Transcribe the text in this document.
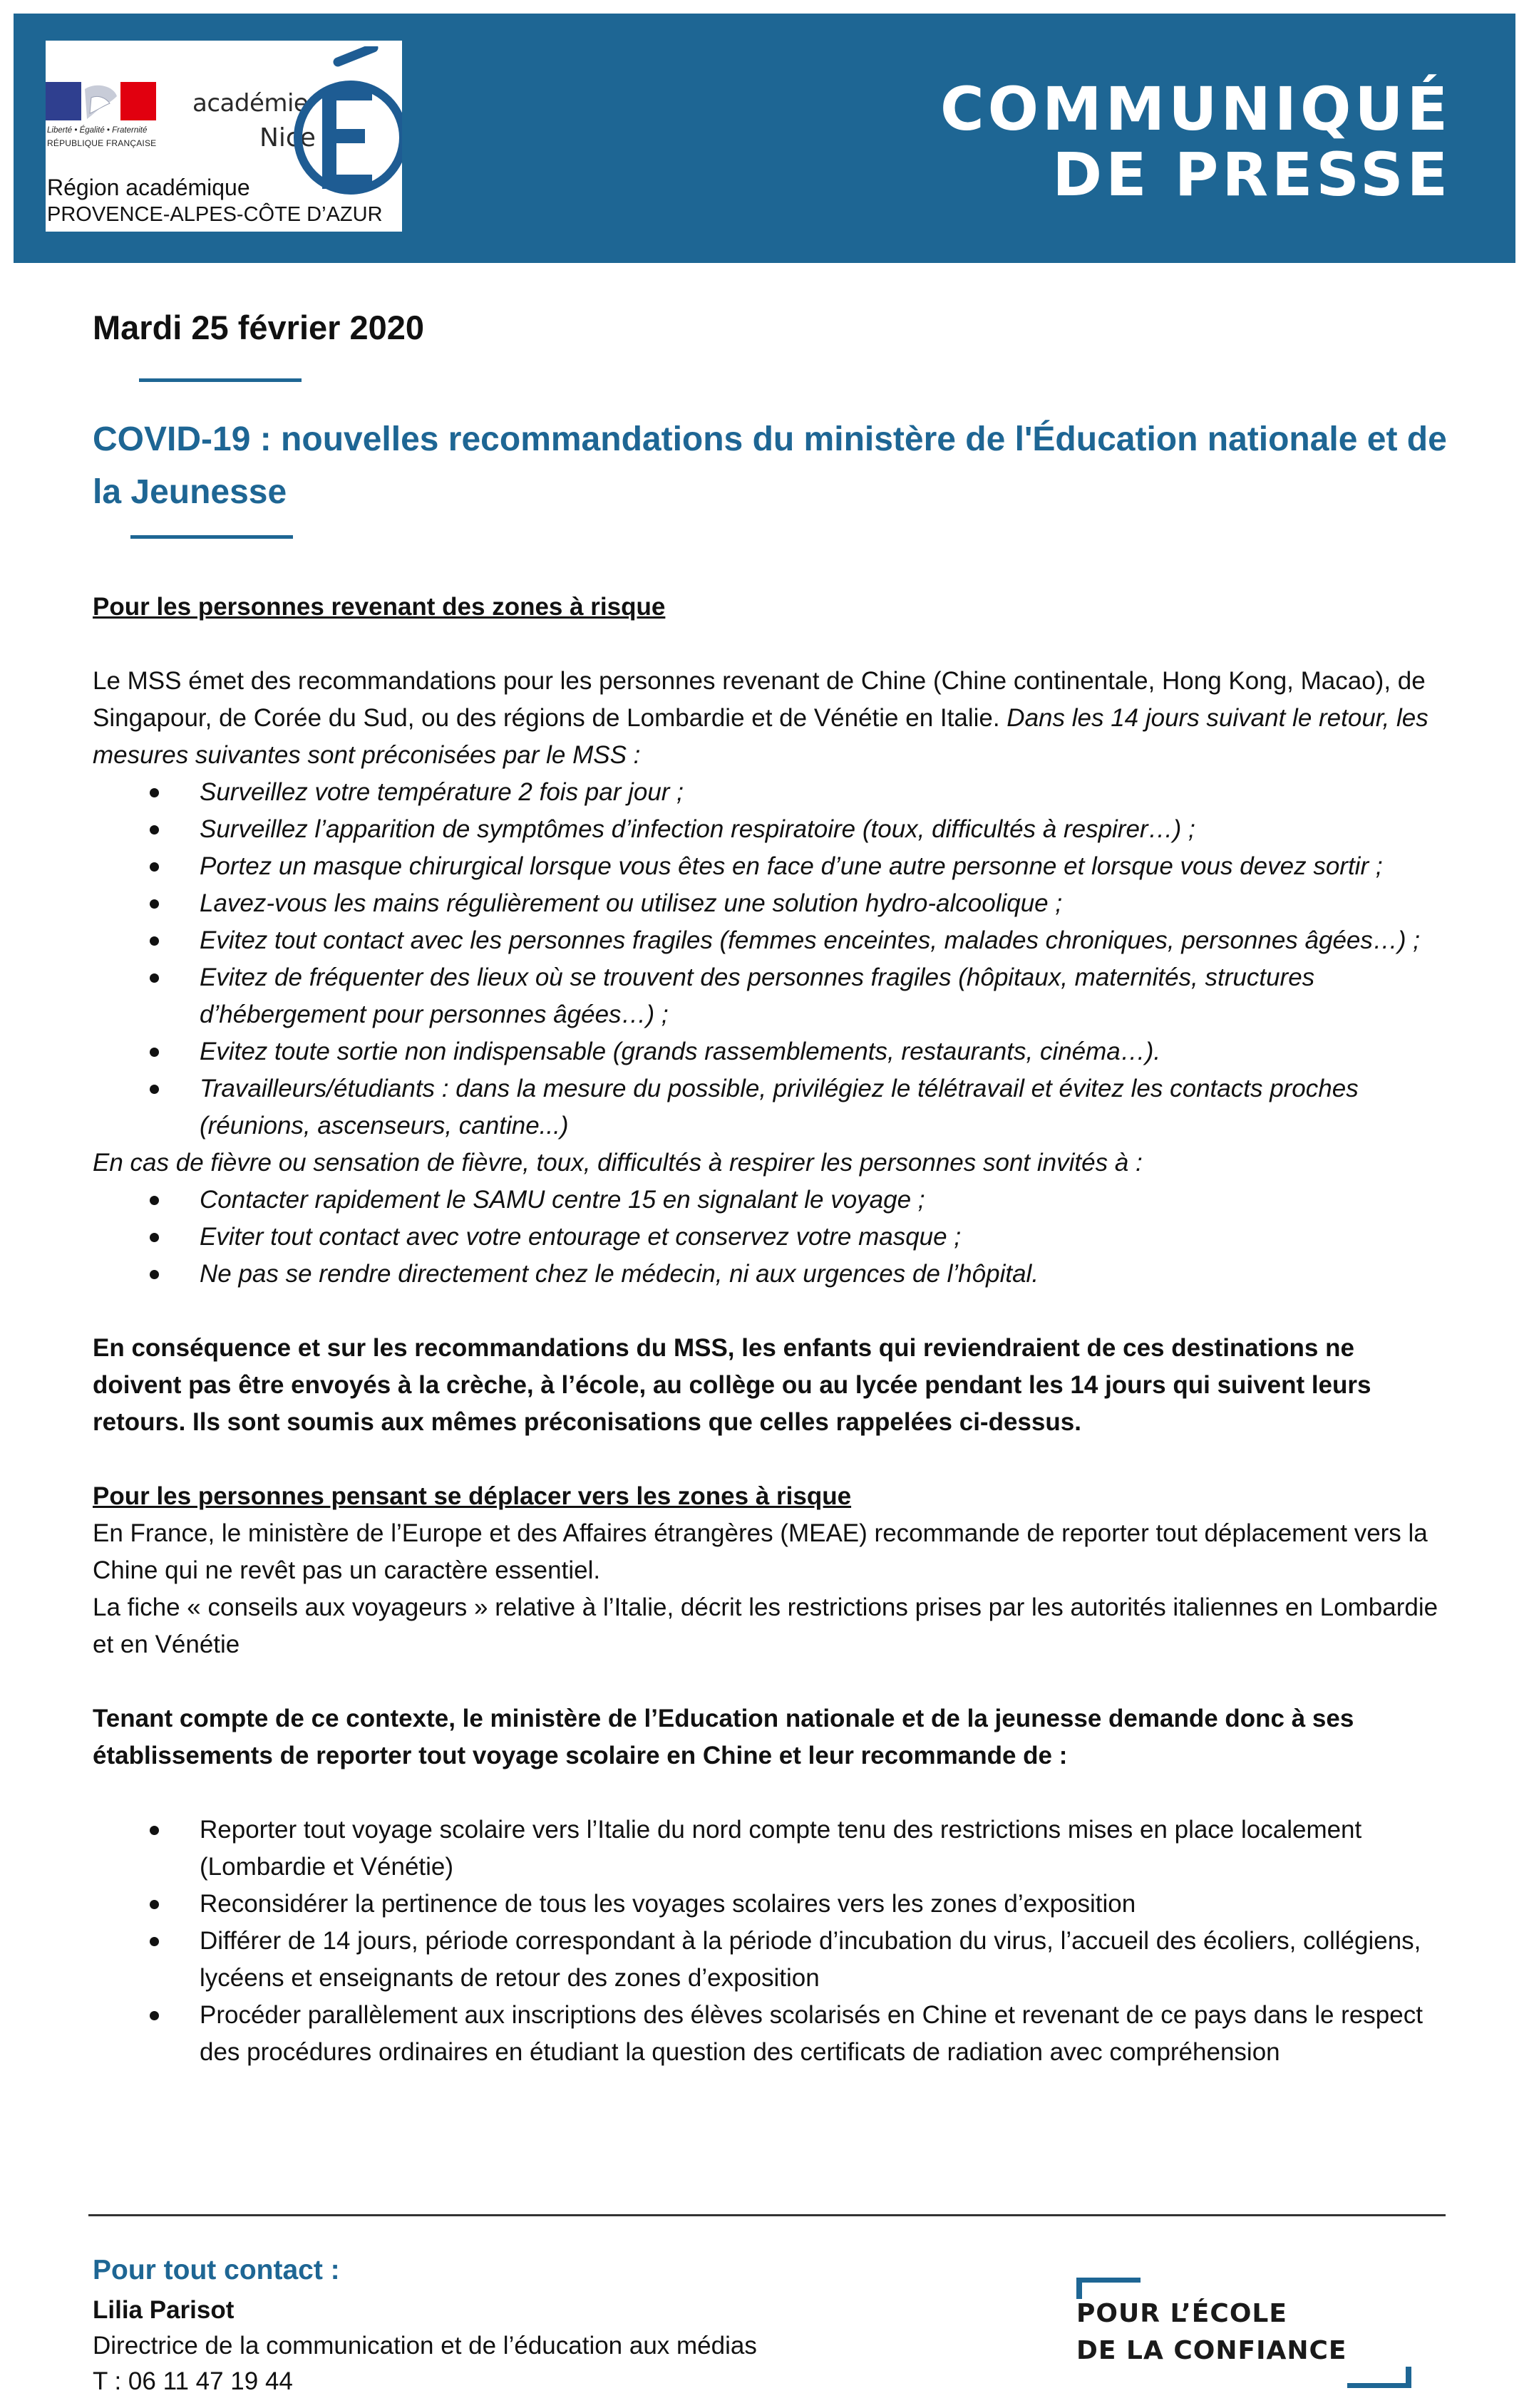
Liberté • Égalité • Fraternité
RÉPUBLIQUE FRANÇAISE
académie
Nice
Région académique
PROVENCE-ALPES-CÔTE D’AZUR
COMMUNIQUÉ
DE PRESSE
Mardi 25 février 2020
COVID-19 : nouvelles recommandations du ministère de l'Éducation nationale et de la Jeunesse
Pour les personnes revenant des zones à risque
Le MSS émet des recommandations pour les personnes revenant de Chine (Chine continentale, Hong Kong, Macao), de Singapour, de Corée du Sud, ou des régions de Lombardie et de Vénétie en Italie. Dans les 14 jours suivant le retour, les mesures suivantes sont préconisées par le MSS :
Surveillez votre température 2 fois par jour ;
Surveillez l’apparition de symptômes d’infection respiratoire (toux, difficultés à respirer…) ;
Portez un masque chirurgical lorsque vous êtes en face d’une autre personne et lorsque vous devez sortir ;
Lavez-vous les mains régulièrement ou utilisez une solution hydro-alcoolique ;
Evitez tout contact avec les personnes fragiles (femmes enceintes, malades chroniques, personnes âgées…) ;
Evitez de fréquenter des lieux où se trouvent des personnes fragiles (hôpitaux, maternités, structures d’hébergement pour personnes âgées…) ;
Evitez toute sortie non indispensable (grands rassemblements, restaurants, cinéma…).
Travailleurs/étudiants : dans la mesure du possible, privilégiez le télétravail et évitez les contacts proches (réunions, ascenseurs, cantine...)
En cas de fièvre ou sensation de fièvre, toux, difficultés à respirer les personnes sont invités à :
Contacter rapidement le SAMU centre 15 en signalant le voyage ;
Eviter tout contact avec votre entourage et conservez votre masque ;
Ne pas se rendre directement chez le médecin, ni aux urgences de l’hôpital.
En conséquence et sur les recommandations du MSS, les enfants qui reviendraient de ces destinations ne doivent pas être envoyés à la crèche, à l’école, au collège ou au lycée pendant les 14 jours qui suivent leurs retours. Ils sont soumis aux mêmes préconisations que celles rappelées ci-dessus.
Pour les personnes pensant se déplacer vers les zones à risque
En France, le ministère de l’Europe et des Affaires étrangères (MEAE) recommande de reporter tout déplacement vers la Chine qui ne revêt pas un caractère essentiel.
La fiche « conseils aux voyageurs » relative à l’Italie, décrit les restrictions prises par les autorités italiennes en Lombardie et en Vénétie
Tenant compte de ce contexte, le ministère de l’Education nationale et de la jeunesse demande donc à ses établissements de reporter tout voyage scolaire en Chine et leur recommande de :
Reporter tout voyage scolaire vers l’Italie du nord compte tenu des restrictions mises en place localement (Lombardie et Vénétie)
Reconsidérer la pertinence de tous les voyages scolaires vers les zones d’exposition
Différer de 14 jours, période correspondant à la période d’incubation du virus, l’accueil des écoliers, collégiens, lycéens et enseignants de retour des zones d’exposition
Procéder parallèlement aux inscriptions des élèves scolarisés en Chine et revenant de ce pays dans le respect des procédures ordinaires en étudiant la question des certificats de radiation avec compréhension
Pour tout contact :
Lilia Parisot
Directrice de la communication et de l’éducation aux médias
T : 06 11 47 19 44
POUR L’ÉCOLE
DE LA CONFIANCE
